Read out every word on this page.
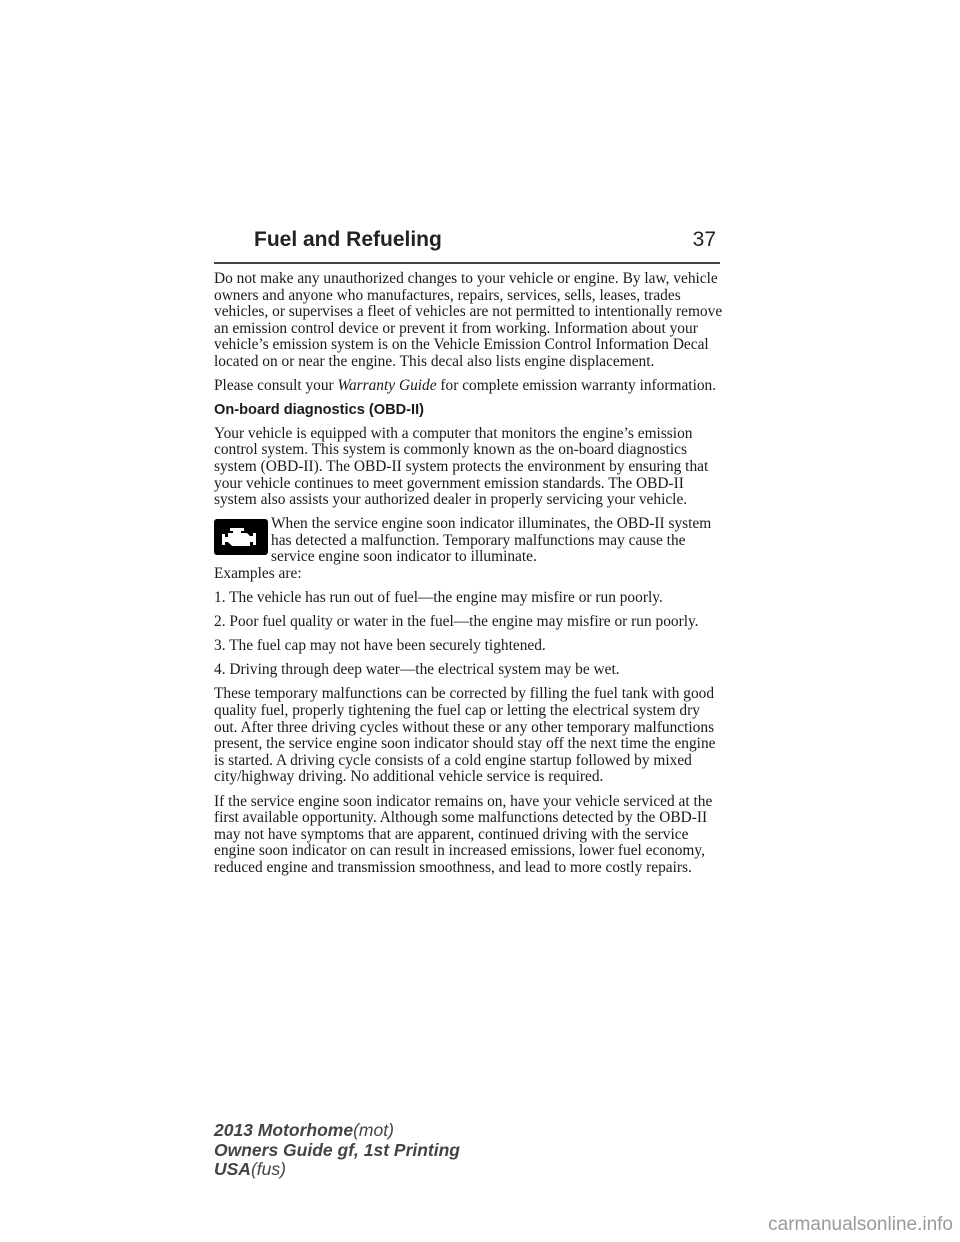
Fuel and Refueling	37

Do not make any unauthorized changes to your vehicle or engine. By law, vehicle owners and anyone who manufactures, repairs, services, sells, leases, trades vehicles, or supervises a fleet of vehicles are not permitted to intentionally remove an emission control device or prevent it from working. Information about your vehicle’s emission system is on the Vehicle Emission Control Information Decal located on or near the engine. This decal also lists engine displacement.

Please consult your Warranty Guide for complete emission warranty information.

On-board diagnostics (OBD-II)

Your vehicle is equipped with a computer that monitors the engine’s emission control system. This system is commonly known as the on-board diagnostics system (OBD-II). The OBD-II system protects the environment by ensuring that your vehicle continues to meet government emission standards. The OBD-II system also assists your authorized dealer in properly servicing your vehicle.

When the service engine soon indicator illuminates, the OBD-II system has detected a malfunction. Temporary malfunctions may cause the service engine soon indicator to illuminate.

Examples are:

1. The vehicle has run out of fuel—the engine may misfire or run poorly.

2. Poor fuel quality or water in the fuel—the engine may misfire or run poorly.

3. The fuel cap may not have been securely tightened.

4. Driving through deep water—the electrical system may be wet.

These temporary malfunctions can be corrected by filling the fuel tank with good quality fuel, properly tightening the fuel cap or letting the electrical system dry out. After three driving cycles without these or any other temporary malfunctions present, the service engine soon indicator should stay off the next time the engine is started. A driving cycle consists of a cold engine startup followed by mixed city/highway driving. No additional vehicle service is required.

If the service engine soon indicator remains on, have your vehicle serviced at the first available opportunity. Although some malfunctions detected by the OBD-II may not have symptoms that are apparent, continued driving with the service engine soon indicator on can result in increased emissions, lower fuel economy, reduced engine and transmission smoothness, and lead to more costly repairs.

2013 Motorhome(mot)
Owners Guide gf, 1st Printing
USA(fus)
carmanualsonline.info
